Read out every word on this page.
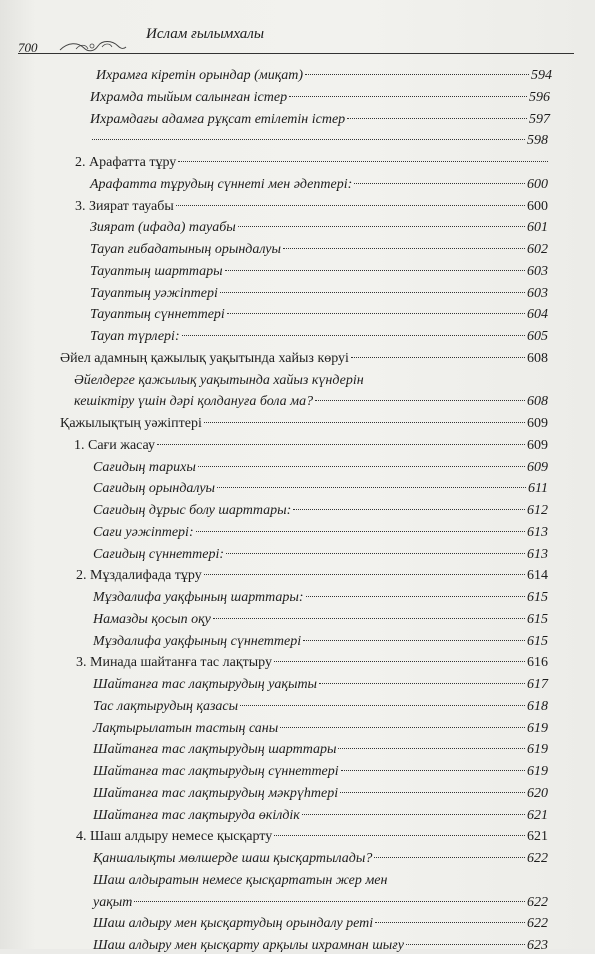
700
Ислам ғылымхалы
Ихрамға кіретін орындар (миқат)	594
Ихрамда тыйым салынған істер	596
Ихрамдағы адамға рұқсат етілетін істер	597
598
2. Арафатта тұру
Арафатта тұрудың сүннеті мен әдептері:	600
3. Зиярат тауабы	600
Зиярат (ифада) тауабы	601
Тауап ғибадатының орындалуы	602
Тауаптың шарттары	603
Тауаптың уәжіптері	603
Тауаптың сүннеттері	604
Тауап түрлері:	605
Әйел адамның қажылық уақытында хайыз көруі	608
Әйелдерге қажылық уақытында хайыз күндерін
кешіктіру үшін дәрі қолдануға бола ма?	608
Қажылықтың уәжіптері	609
1. Сағи жасау	609
Сағидың тарихы	609
Сағидың орындалуы	611
Сағидың дұрыс болу шарттары:	612
Сағи уәжіптері:	613
Сағидың сүннеттері:	613
2. Мұздалифада тұру	614
Мұздалифа уақфының шарттары:	615
Намазды қосып оқу	615
Мұздалифа уақфының сүннеттері	615
3. Минада шайтанға тас лақтыру	616
Шайтанға тас лақтырудың уақыты	617
Тас лақтырудың қазасы	618
Лақтырылатын тастың саны	619
Шайтанға тас лақтырудың шарттары	619
Шайтанға тас лақтырудың сүннеттері	619
Шайтанға тас лақтырудың мәкрүһтері	620
Шайтанға тас лақтыруда өкілдік	621
4. Шаш алдыру немесе қысқарту	621
Қаншалықты мөлшерде шаш қысқартылады?	622
Шаш алдыратын немесе қысқартатын жер мен
уақыт	622
Шаш алдыру мен қысқартудың орындалу реті	622
Шаш алдыру мен қысқарту арқылы ихрамнан шығу	623
